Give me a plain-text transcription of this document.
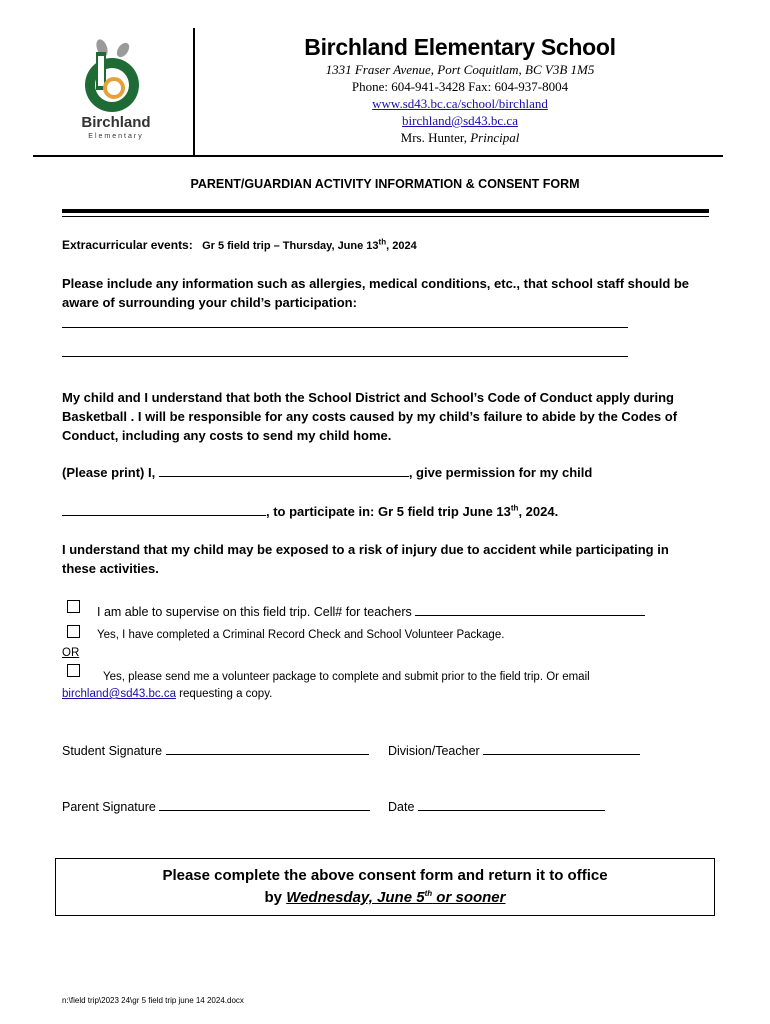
Birchland
Elementary
Birchland Elementary School
1331 Fraser Avenue, Port Coquitlam, BC V3B 1M5
Phone: 604-941-3428 Fax: 604-937-8004
www.sd43.bc.ca/school/birchland
birchland@sd43.bc.ca
Mrs. Hunter, Principal
PARENT/GUARDIAN ACTIVITY INFORMATION & CONSENT FORM
Extracurricular events: Gr 5 field trip – Thursday, June 13th, 2024
Please include any information such as allergies, medical conditions, etc., that school staff should be
aware of surrounding your child’s participation:
My child and I understand that both the School District and School’s Code of Conduct apply during
Basketball . I will be responsible for any costs caused by my child’s failure to abide by the Codes of
Conduct, including any costs to send my child home.
(Please print) I,	, give permission for my child
, to participate in: Gr 5 field trip June 13th, 2024.
I understand that my child may be exposed to a risk of injury due to accident while participating in
these activities.
I am able to supervise on this field trip. Cell# for teachers
Yes, I have completed a Criminal Record Check and School Volunteer Package.
OR
Yes, please send me a volunteer package to complete and submit prior to the field trip. Or email
birchland@sd43.bc.ca requesting a copy.
Student Signature	Division/Teacher
Parent Signature	Date
Please complete the above consent form and return it to office
by Wednesday, June 5th or sooner
n:\field trip\2023 24\gr 5 field trip june 14 2024.docx
